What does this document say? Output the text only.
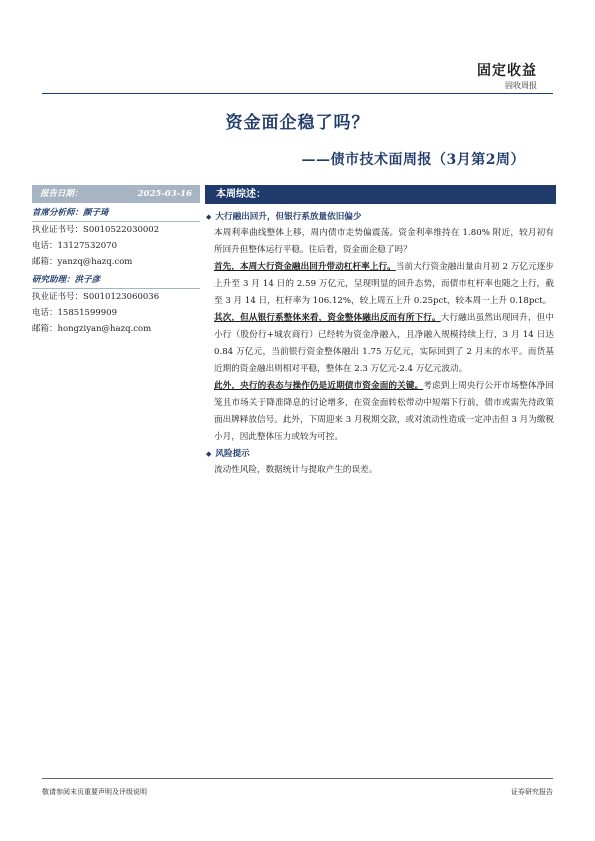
固定收益
固收周报
资金面企稳了吗？
——债市技术面周报（3月第2周）
报告日期：	2025-03-16
首席分析师：颜子琦
执业证书号：S0010522030002
电话：13127532070
邮箱：yanzq@hazq.com
研究助理：洪子彦
执业证书号：S0010123060036
电话：15851599909
邮箱：hongziyan@hazq.com
本周综述：
◆ 大行融出回升，但银行系放量依旧偏少

本周利率曲线整体上移，周内债市走势偏震荡。资金利率维持在 1.80% 附近，较月初有所回升但整体运行平稳。往后看，资金面企稳了吗？

首先，本周大行资金融出回升带动杠杆率上行。当前大行资金融出量由月初 2 万亿元逐步上升至 3 月 14 日的 2.59 万亿元，呈现明显的回升态势，而债市杠杆率也随之上行，截至 3 月 14 日，杠杆率为 106.12%，较上周五上升 0.25pct，较本周一上升 0.18pct。

其次，但从银行系整体来看，资金整体融出反而有所下行。大行融出虽然出现回升，但中小行（股份行+城农商行）已经转为资金净融入，且净融入规模持续上行，3 月 14 日达 0.84 万亿元，当前银行资金整体融出 1.75 万亿元，实际回到了 2 月末的水平。而货基近期的资金融出则相对平稳，整体在 2.3 万亿元-2.4 万亿元波动。

此外，央行的表态与操作仍是近期债市资金面的关键。考虑到上周央行公开市场整体净回笼且市场关于降准降息的讨论增多，在资金面转松带动中短端下行前，债市或需先待政策面出牌释放信号。此外，下周迎来 3 月税期交款，或对流动性造成一定冲击但 3 月为缴税小月，因此整体压力或较为可控。

◆ 风险提示

流动性风险，数据统计与提取产生的误差。

敬请参阅末页重要声明及评级说明	证券研究报告
